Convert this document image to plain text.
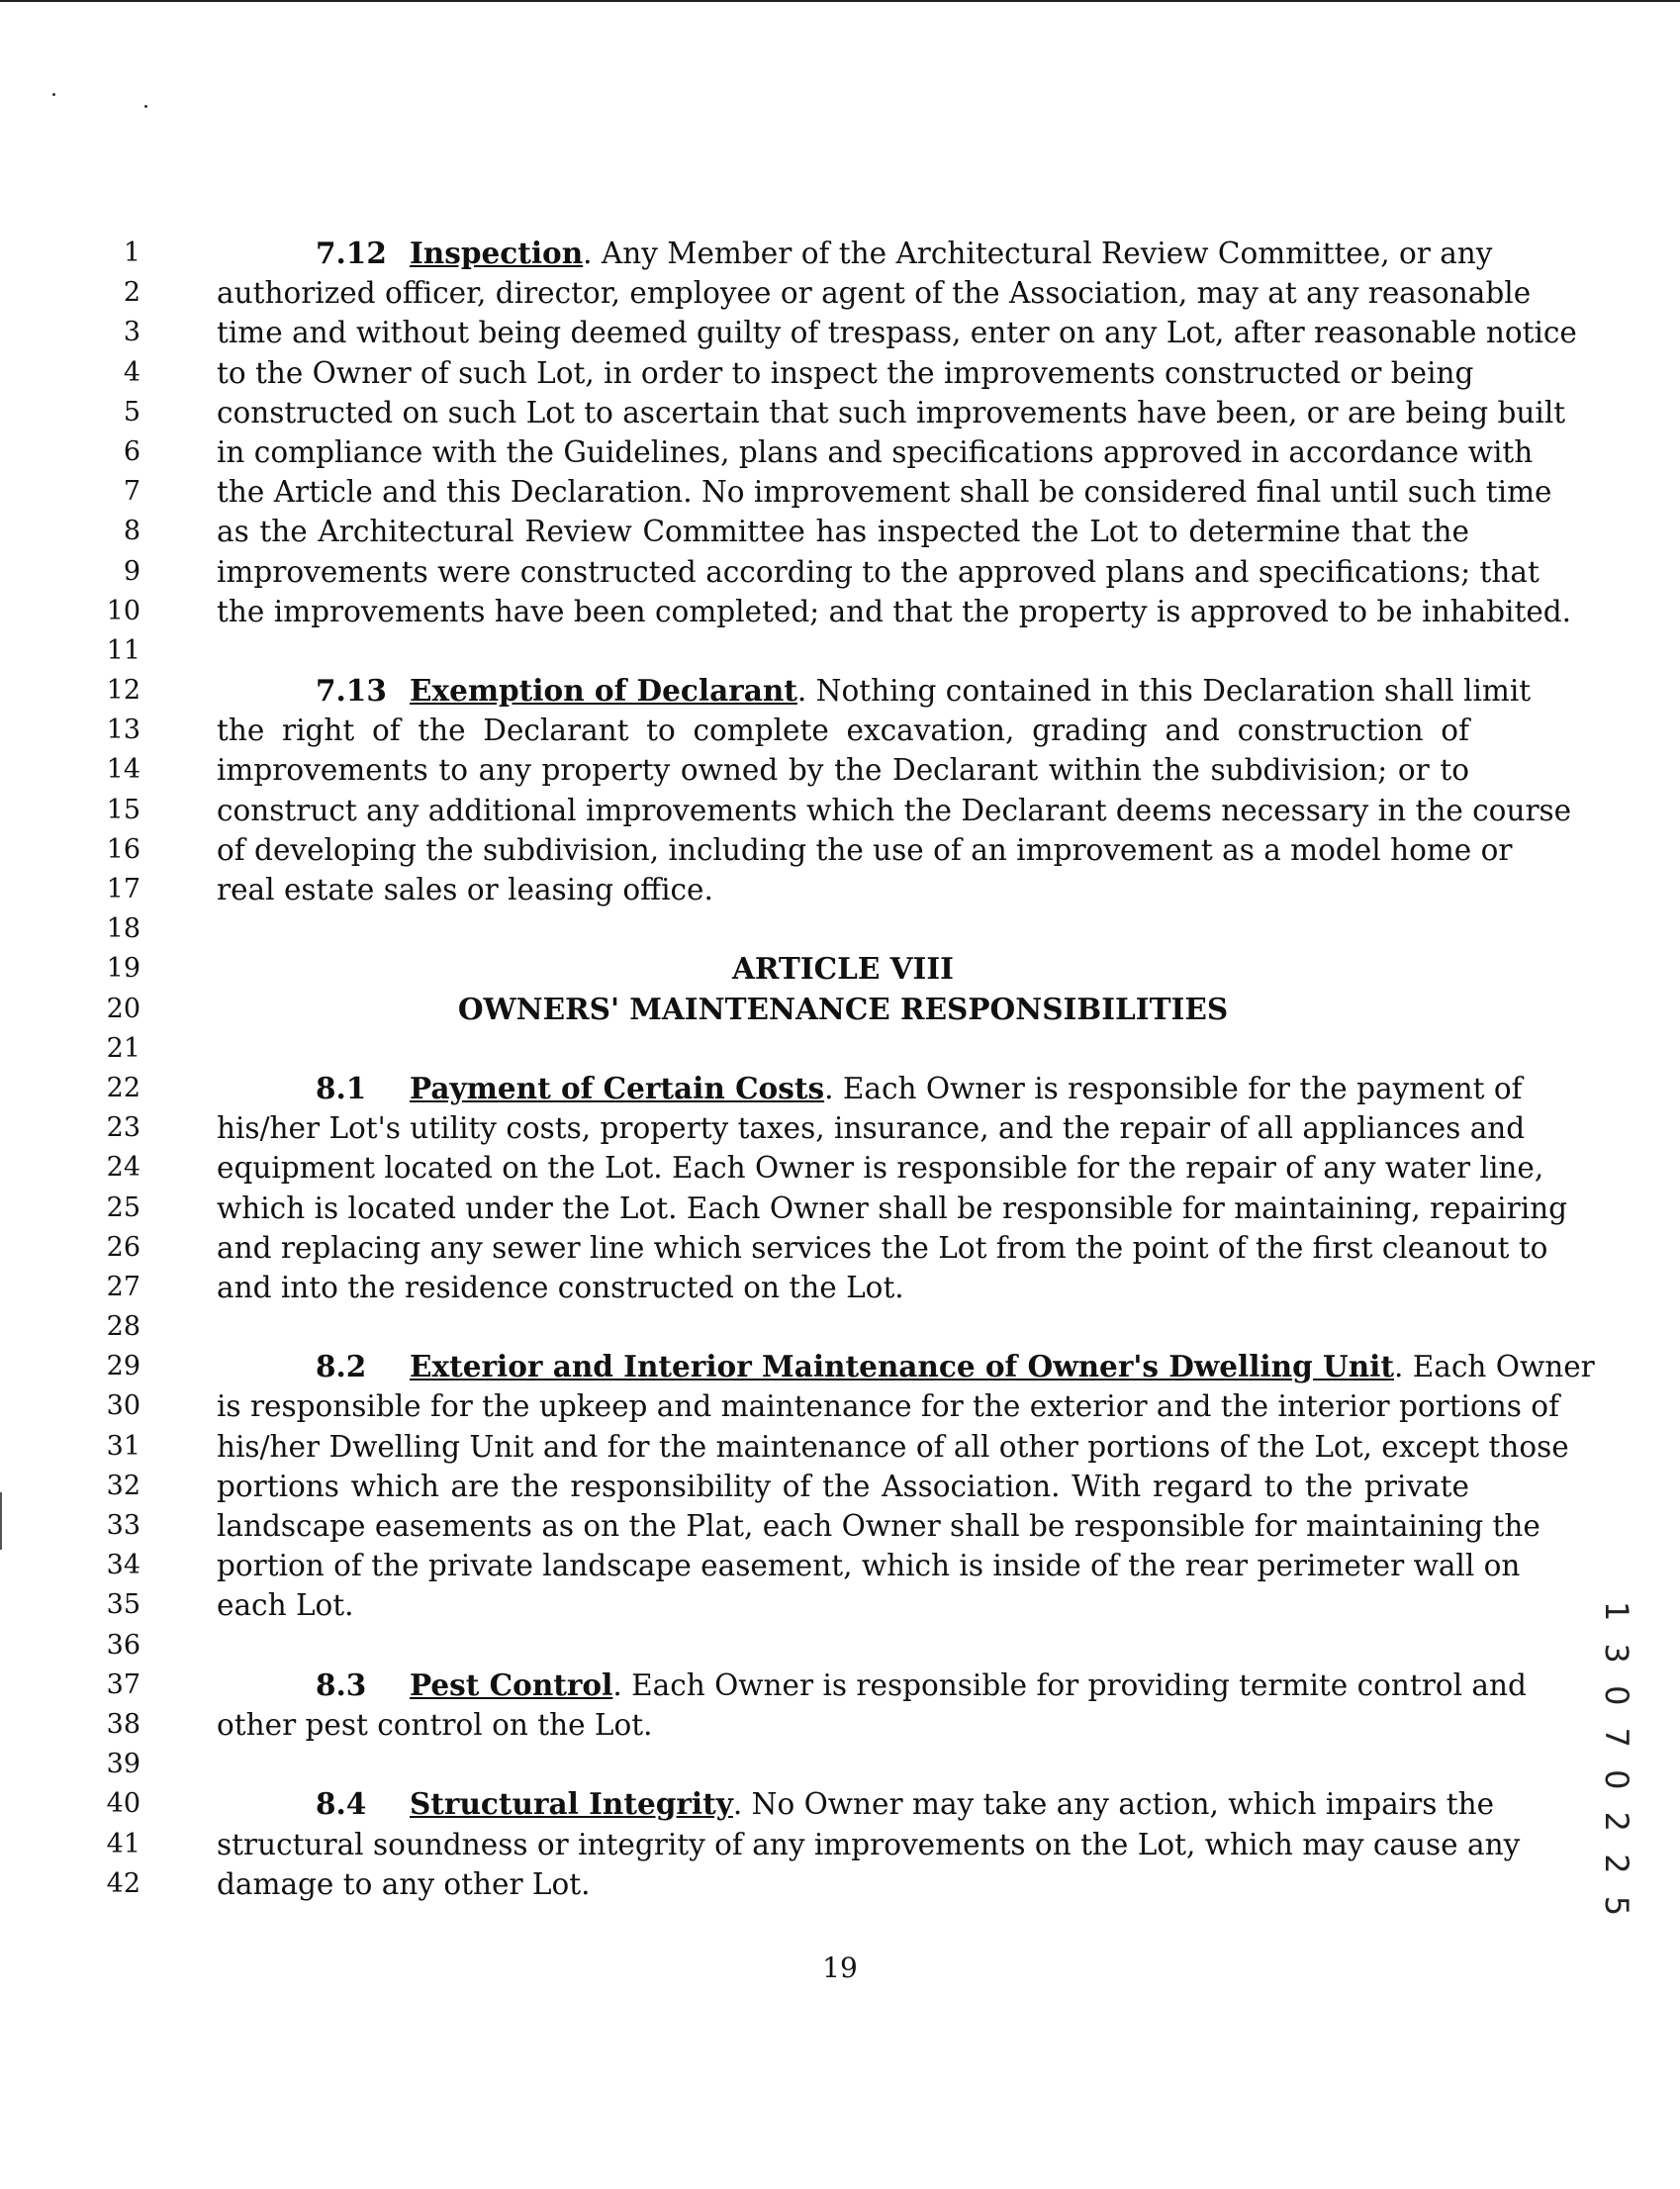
1
2
3
4
5
6
7
8
9
10
11
12
13
14
15
16
17
18
19
20
21
22
23
24
25
26
27
28
29
30
31
32
33
34
35
36
37
38
39
40
41
42
7.12 Inspection. Any Member of the Architectural Review Committee, or any
authorized officer, director, employee or agent of the Association, may at any reasonable
time and without being deemed guilty of trespass, enter on any Lot, after reasonable notice
to the Owner of such Lot, in order to inspect the improvements constructed or being
constructed on such Lot to ascertain that such improvements have been, or are being built
in compliance with the Guidelines, plans and specifications approved in accordance with
the Article and this Declaration. No improvement shall be considered final until such time
as the Architectural Review Committee has inspected the Lot to determine that the
improvements were constructed according to the approved plans and specifications; that
the improvements have been completed; and that the property is approved to be inhabited.
7.13 Exemption of Declarant. Nothing contained in this Declaration shall limit
the right of the Declarant to complete excavation, grading and construction of
improvements to any property owned by the Declarant within the subdivision; or to
construct any additional improvements which the Declarant deems necessary in the course
of developing the subdivision, including the use of an improvement as a model home or
real estate sales or leasing office.
ARTICLE VIII
OWNERS' MAINTENANCE RESPONSIBILITIES
8.1 Payment of Certain Costs. Each Owner is responsible for the payment of
his/her Lot's utility costs, property taxes, insurance, and the repair of all appliances and
equipment located on the Lot. Each Owner is responsible for the repair of any water line,
which is located under the Lot. Each Owner shall be responsible for maintaining, repairing
and replacing any sewer line which services the Lot from the point of the first cleanout to
and into the residence constructed on the Lot.
8.2 Exterior and Interior Maintenance of Owner's Dwelling Unit. Each Owner
is responsible for the upkeep and maintenance for the exterior and the interior portions of
his/her Dwelling Unit and for the maintenance of all other portions of the Lot, except those
portions which are the responsibility of the Association. With regard to the private
landscape easements as on the Plat, each Owner shall be responsible for maintaining the
portion of the private landscape easement, which is inside of the rear perimeter wall on
each Lot.
8.3 Pest Control. Each Owner is responsible for providing termite control and
other pest control on the Lot.
8.4 Structural Integrity. No Owner may take any action, which impairs the
structural soundness or integrity of any improvements on the Lot, which may cause any
damage to any other Lot.
19
1 3 0 7 0 2 2 5
